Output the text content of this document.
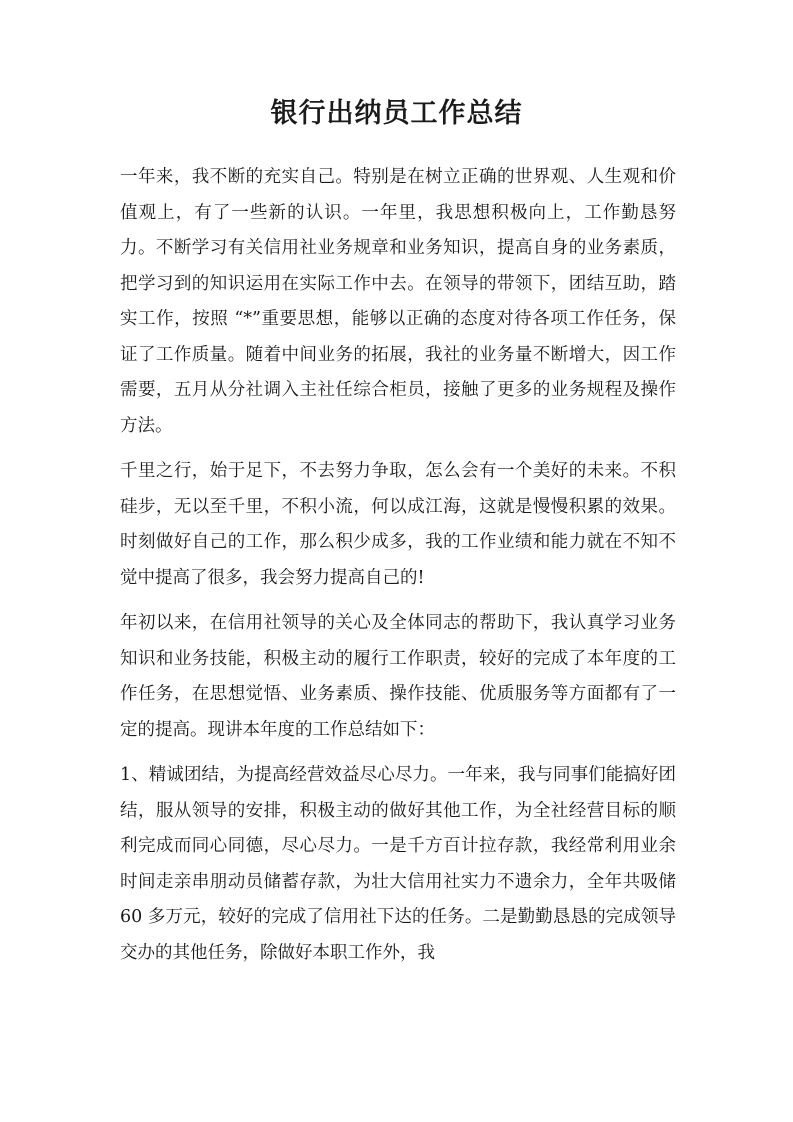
银行出纳员工作总结

一年来，我不断的充实自己。特别是在树立正确的世界观、人生观和价值观上，有了一些新的认识。一年里，我思想积极向上，工作勤恳努力。不断学习有关信用社业务规章和业务知识，提高自身的业务素质，把学习到的知识运用在实际工作中去。在领导的带领下，团结互助，踏实工作，按照 “*”重要思想，能够以正确的态度对待各项工作任务，保证了工作质量。随着中间业务的拓展，我社的业务量不断增大，因工作需要，五月从分社调入主社任综合柜员，接触了更多的业务规程及操作方法。

千里之行，始于足下，不去努力争取，怎么会有一个美好的未来。不积硅步，无以至千里，不积小流，何以成江海，这就是慢慢积累的效果。时刻做好自己的工作，那么积少成多，我的工作业绩和能力就在不知不觉中提高了很多，我会努力提高自己的!

年初以来，在信用社领导的关心及全体同志的帮助下，我认真学习业务知识和业务技能，积极主动的履行工作职责，较好的完成了本年度的工作任务，在思想觉悟、业务素质、操作技能、优质服务等方面都有了一定的提高。现讲本年度的工作总结如下：

1、精诚团结，为提高经营效益尽心尽力。一年来，我与同事们能搞好团结，服从领导的安排，积极主动的做好其他工作，为全社经营目标的顺利完成而同心同德，尽心尽力。一是千方百计拉存款，我经常利用业余时间走亲串朋动员储蓄存款，为壮大信用社实力不遗余力，全年共吸储 60 多万元，较好的完成了信用社下达的任务。二是勤勤恳恳的完成领导交办的其他任务，除做好本职工作外，我
